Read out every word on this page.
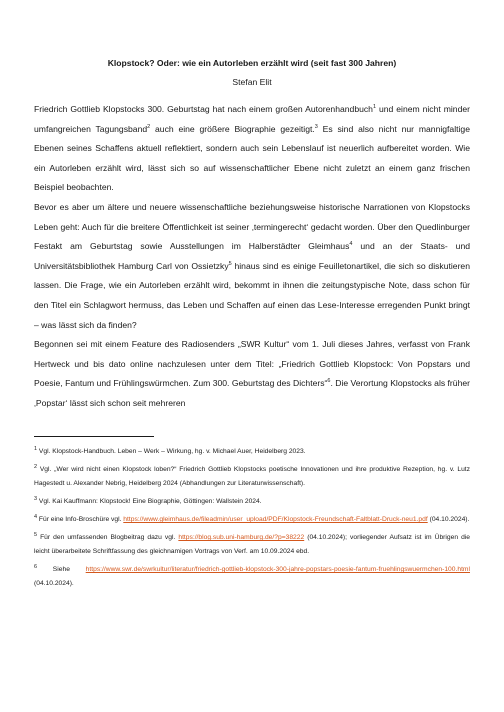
Klopstock? Oder: wie ein Autorleben erzählt wird (seit fast 300 Jahren)
Stefan Elit

Friedrich Gottlieb Klopstocks 300. Geburtstag hat nach einem großen Autorenhandbuch$^1$ und einem nicht minder umfangreichen Tagungsband$^2$ auch eine größere Biographie gezeitigt.$^3$ Es sind also nicht nur mannigfaltige Ebenen seines Schaffens aktuell reflektiert, sondern auch sein Lebenslauf ist neuerlich aufbereitet worden. Wie ein Autorleben erzählt wird, lässt sich so auf wissenschaftlicher Ebene nicht zuletzt an einem ganz frischen Beispiel beobachten.

Bevor es aber um ältere und neuere wissenschaftliche beziehungsweise historische Narrationen von Klopstocks Leben geht: Auch für die breitere Öffentlichkeit ist seiner ‚termingerecht‘ gedacht worden. Über den Quedlinburger Festakt am Geburtstag sowie Ausstellungen im Halberstädter Gleimhaus$^4$ und an der Staats- und Universitätsbibliothek Hamburg Carl von Ossietzky$^5$ hinaus sind es einige Feuilletonartikel, die sich so diskutieren lassen. Die Frage, wie ein Autorleben erzählt wird, bekommt in ihnen die zeitungstypische Note, dass schon für den Titel ein Schlagwort hermuss, das Leben und Schaffen auf einen das Lese-Interesse erregenden Punkt bringt – was lässt sich da finden?

Begonnen sei mit einem Feature des Radiosenders „SWR Kultur“ vom 1. Juli dieses Jahres, verfasst von Frank Hertweck und bis dato online nachzulesen unter dem Titel: „Friedrich Gottlieb Klopstock: Von Popstars und Poesie, Fantum und Frühlingswürmchen. Zum 300. Geburtstag des Dichters“$^6$. Die Verortung Klopstocks als früher ‚Popstar‘ lässt sich schon seit mehreren

$^1$ Vgl. Klopstock-Handbuch. Leben – Werk – Wirkung, hg. v. Michael Auer, Heidelberg 2023.
$^2$ Vgl. „Wer wird nicht einen Klopstock loben?“ Friedrich Gottlieb Klopstocks poetische Innovationen und ihre produktive Rezeption, hg. v. Lutz Hagestedt u. Alexander Nebrig, Heidelberg 2024 (Abhandlungen zur Literaturwissenschaft).
$^3$ Vgl. Kai Kauffmann: Klopstock! Eine Biographie, Göttingen: Wallstein 2024.
$^4$ Für eine Info-Broschüre vgl. https://www.gleimhaus.de/fileadmin/user_upload/PDF/Klopstock-Freundschaft-Faltblatt-Druck-neu1.pdf (04.10.2024).
$^5$ Für den umfassenden Blogbeitrag dazu vgl. https://blog.sub.uni-hamburg.de/?p=38222 (04.10.2024); vorliegender Aufsatz ist im Übrigen die leicht überarbeitete Schriftfassung des gleichnamigen Vortrags von Verf. am 10.09.2024 ebd.
$^6$ Siehe https://www.swr.de/swrkultur/literatur/friedrich-gottlieb-klopstock-300-jahre-popstars-poesie-fantum-fruehlingswuermchen-100.html (04.10.2024).
